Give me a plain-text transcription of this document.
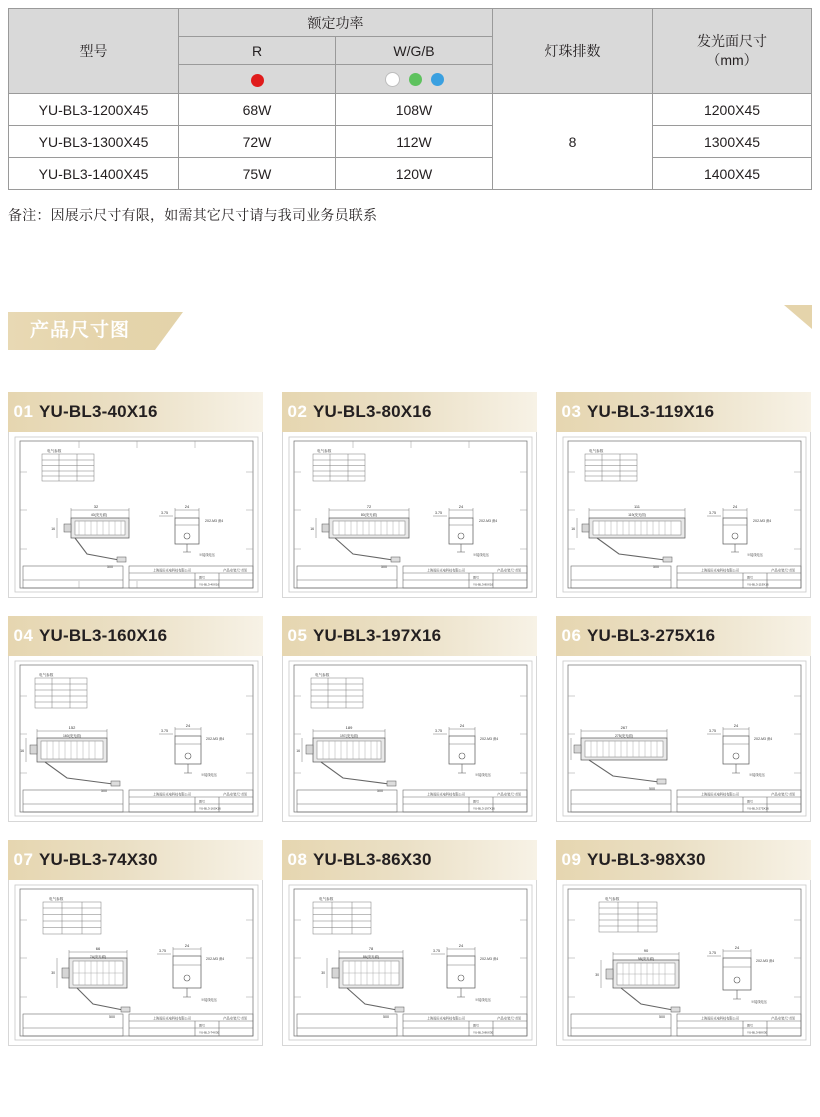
型号	额定功率		灯珠排数	发光面尺寸
（mm）
	R	W/G/B		

YU-BL3-1200X45	68W	108W	8	1200X45
YU-BL3-1300X45	72W	112W		1300X45
YU-BL3-1400X45	75W	120W		1400X45
备注：因展示尺寸有限，如需其它尺寸请与我司业务员联系
产品尺寸图
01 YU-BL3-40X16
电气参数
32
40(发光面)
16
500
24
3.75
2X2-M3 深4
※接线电压
上海雨田光电科技有限公司	产品安装尺寸图
图号
YU-BL3-40X16
02 YU-BL3-80X16
电气参数
80(发光面)
72
16
500
24
3.75
2X2-M3 深4
※接线电压
上海雨田光电科技有限公司	产品安装尺寸图
图号
YU-BL3-80X16
03 YU-BL3-119X16
电气参数
119(发光面)
111
16
500
24
3.75
2X2-M3 深4
※接线电压
上海雨田光电科技有限公司	产品安装尺寸图
图号
YU-BL3-119X16
04 YU-BL3-160X16
电气参数
160(发光面)
152
16
500
24
3.75
2X2-M3 深4
※接线电压
上海雨田光电科技有限公司	产品安装尺寸图
图号
YU-BL3-160X16
05 YU-BL3-197X16
电气参数
197(发光面)
189
16
500
24
3.75
2X2-M3 深4
※接线电压
上海雨田光电科技有限公司	产品安装尺寸图
图号
YU-BL3-197X16
06 YU-BL3-275X16
275(发光面)
267
500
24
3.75
2X2-M3 深4
※接线电压
上海雨田光电科技有限公司	产品安装尺寸图
图号
YU-BL3-275X16
07 YU-BL3-74X30
电气参数
74(发光面)
66
30
500
24
3.75
2X2-M3 深4
※接线电压
上海雨田光电科技有限公司	产品安装尺寸图
图号
YU-BL3-74X30
08 YU-BL3-86X30
电气参数
86(发光面)
78
30
500
24
3.75
2X2-M3 深4
※接线电压
上海雨田光电科技有限公司	产品安装尺寸图
图号
YU-BL3-86X30
09 YU-BL3-98X30
电气参数
98(发光面)
90
30
500
24
3.75
2X2-M3 深4
※接线电压
上海雨田光电科技有限公司	产品安装尺寸图
图号
YU-BL3-98X30
